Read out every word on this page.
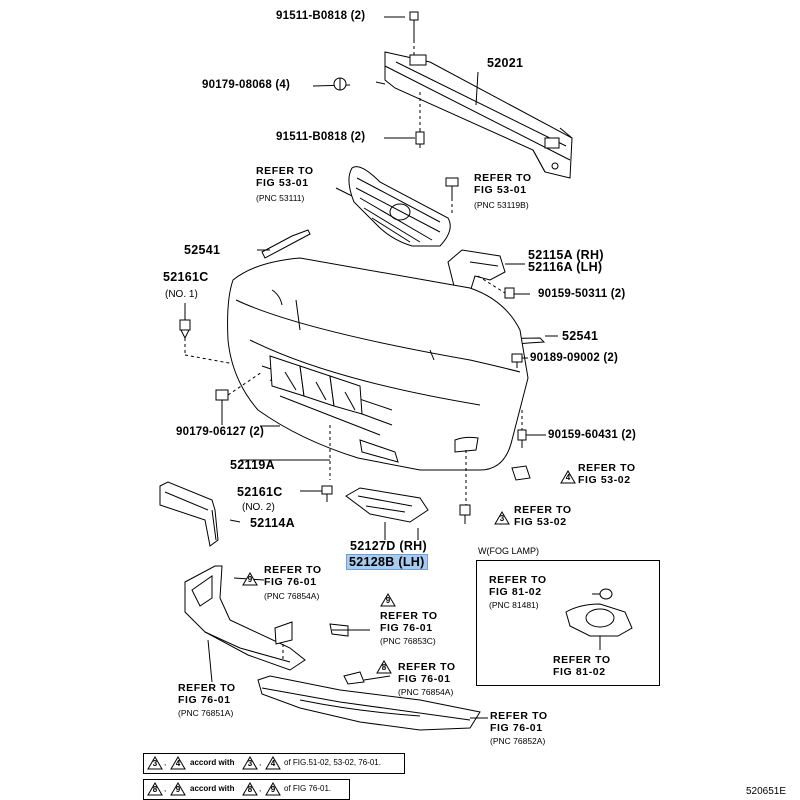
91511-B0818 (2)
52021
90179-08068 (4)
91511-B0818 (2)
REFER TO
FIG 53-01
(PNC 53111)
REFER TO
FIG 53-01
(PNC 53119B)
52541	52115A (RH)
52116A (LH)
52161C
(NO. 1)	90159-50311 (2)
52541
90189-09002 (2)
90179-06127 (2)	90159-60431 (2)
52119A
4
REFER TO
FIG 53-02
52161C
(NO. 2)
3
REFER TO
FIG 53-02
52114A
52127D (RH)
52128B (LH)
9
REFER TO
FIG 76-01
(PNC 76854A)	9
REFER TO
FIG 76-01
(PNC 76853C)
8	REFER TO
FIG 76-01
(PNC 76854A)
REFER TO
FIG 76-01
(PNC 76851A)	REFER TO
FIG 76-01
(PNC 76852A)
W(FOG LAMP)
REFER TO
FIG 81-02
(PNC 81481)
REFER TO
FIG 81-02
3 ,	4	accord with	3 ,	4	of FIG.51-02, 53-02, 76-01.
8 ,	9	accord with	8 ,	9	of FIG 76-01.	520651E
